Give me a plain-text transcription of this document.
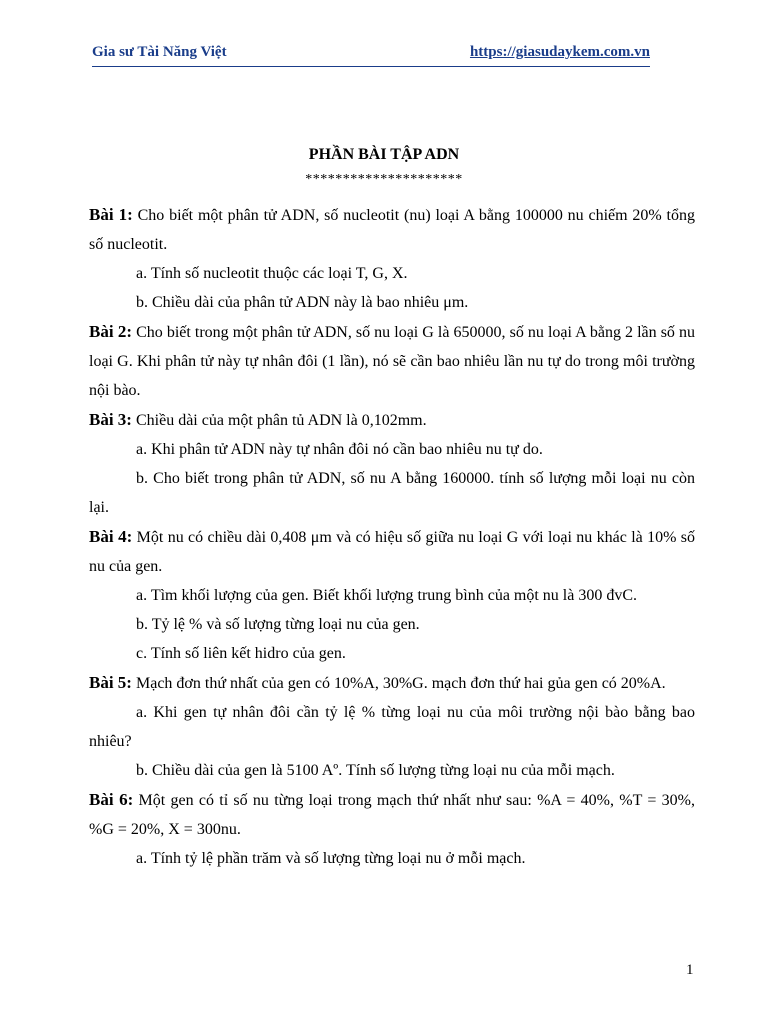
Gia sư Tài Năng Việt	https://giasudaykem.com.vn
PHẦN BÀI TẬP ADN
*********************

Bài 1: Cho biết một phân tử ADN, số nucleotit (nu) loại A bằng 100000 nu chiếm 20% tổng số nucleotit.

a. Tính số nucleotit thuộc các loại T, G, X.

b. Chiều dài của phân tử ADN này là bao nhiêu μm.

Bài 2: Cho biết trong một phân tử ADN, số nu loại G là 650000, số nu loại A bằng 2 lần số nu loại G. Khi phân tử này tự nhân đôi (1 lần), nó sẽ cần bao nhiêu lần nu tự do trong môi trường nội bào.

Bài 3: Chiều dài của một phân tủ ADN là 0,102mm.

a. Khi phân tử ADN này tự nhân đôi nó cần bao nhiêu nu tự do.

b. Cho biết trong phân tử ADN, số nu A bằng 160000. tính số lượng mỗi loại nu còn lại.

Bài 4: Một nu có chiều dài 0,408 μm và có hiệu số giữa nu loại G với loại nu khác là 10% số nu của gen.

a. Tìm khối lượng của gen. Biết khối lượng trung bình của một nu là 300 đvC.

b. Tỷ lệ % và số lượng từng loại nu của gen.

c. Tính số liên kết hidro của gen.

Bài 5: Mạch đơn thứ nhất của gen có 10%A, 30%G. mạch đơn thứ hai gủa gen có 20%A.

a. Khi gen tự nhân đôi cần tỷ lệ % từng loại nu của môi trường nội bào bằng bao nhiêu?

b. Chiều dài của gen là 5100 Aº. Tính số lượng từng loại nu của mỗi mạch.

Bài 6: Một gen có tỉ số nu từng loại trong mạch thứ nhất như sau: %A = 40%, %T = 30%, %G = 20%, X = 300nu.

a. Tính tỷ lệ phần trăm và số lượng từng loại nu ở mỗi mạch.

1
